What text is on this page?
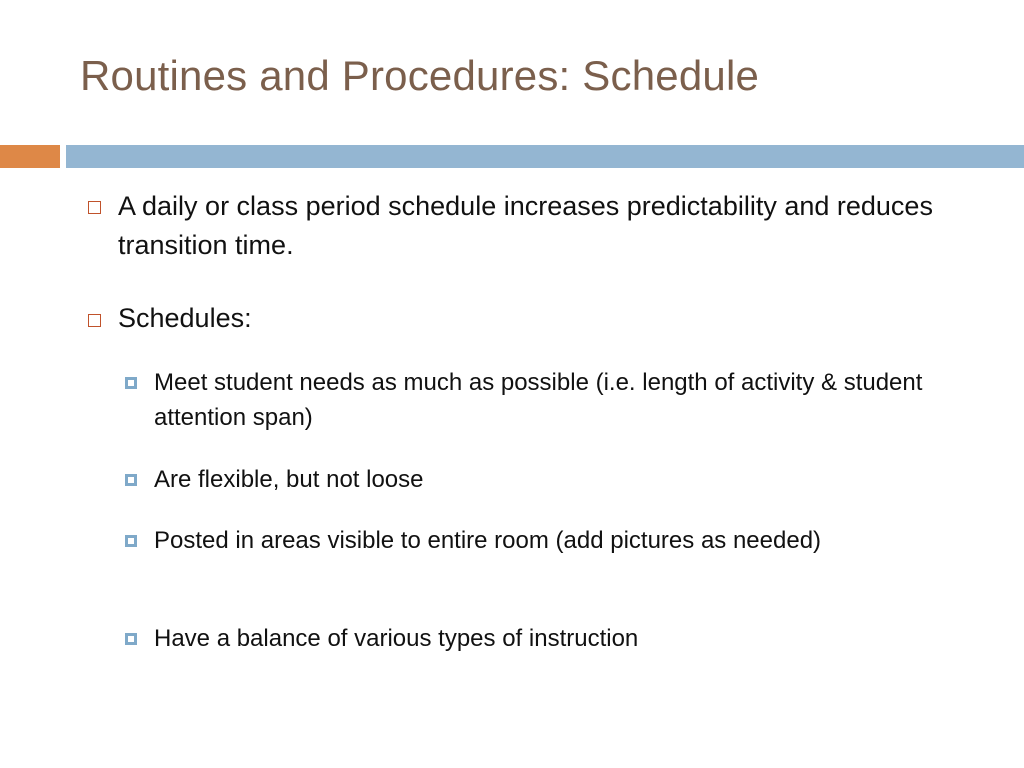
Routines and Procedures: Schedule
A daily or class period schedule increases predictability and reduces transition time.
Schedules:
Meet student needs as much as possible (i.e. length of activity & student attention span)
Are flexible, but not loose
Posted in areas visible to entire room (add pictures as needed)
Have a balance of various types of instruction
